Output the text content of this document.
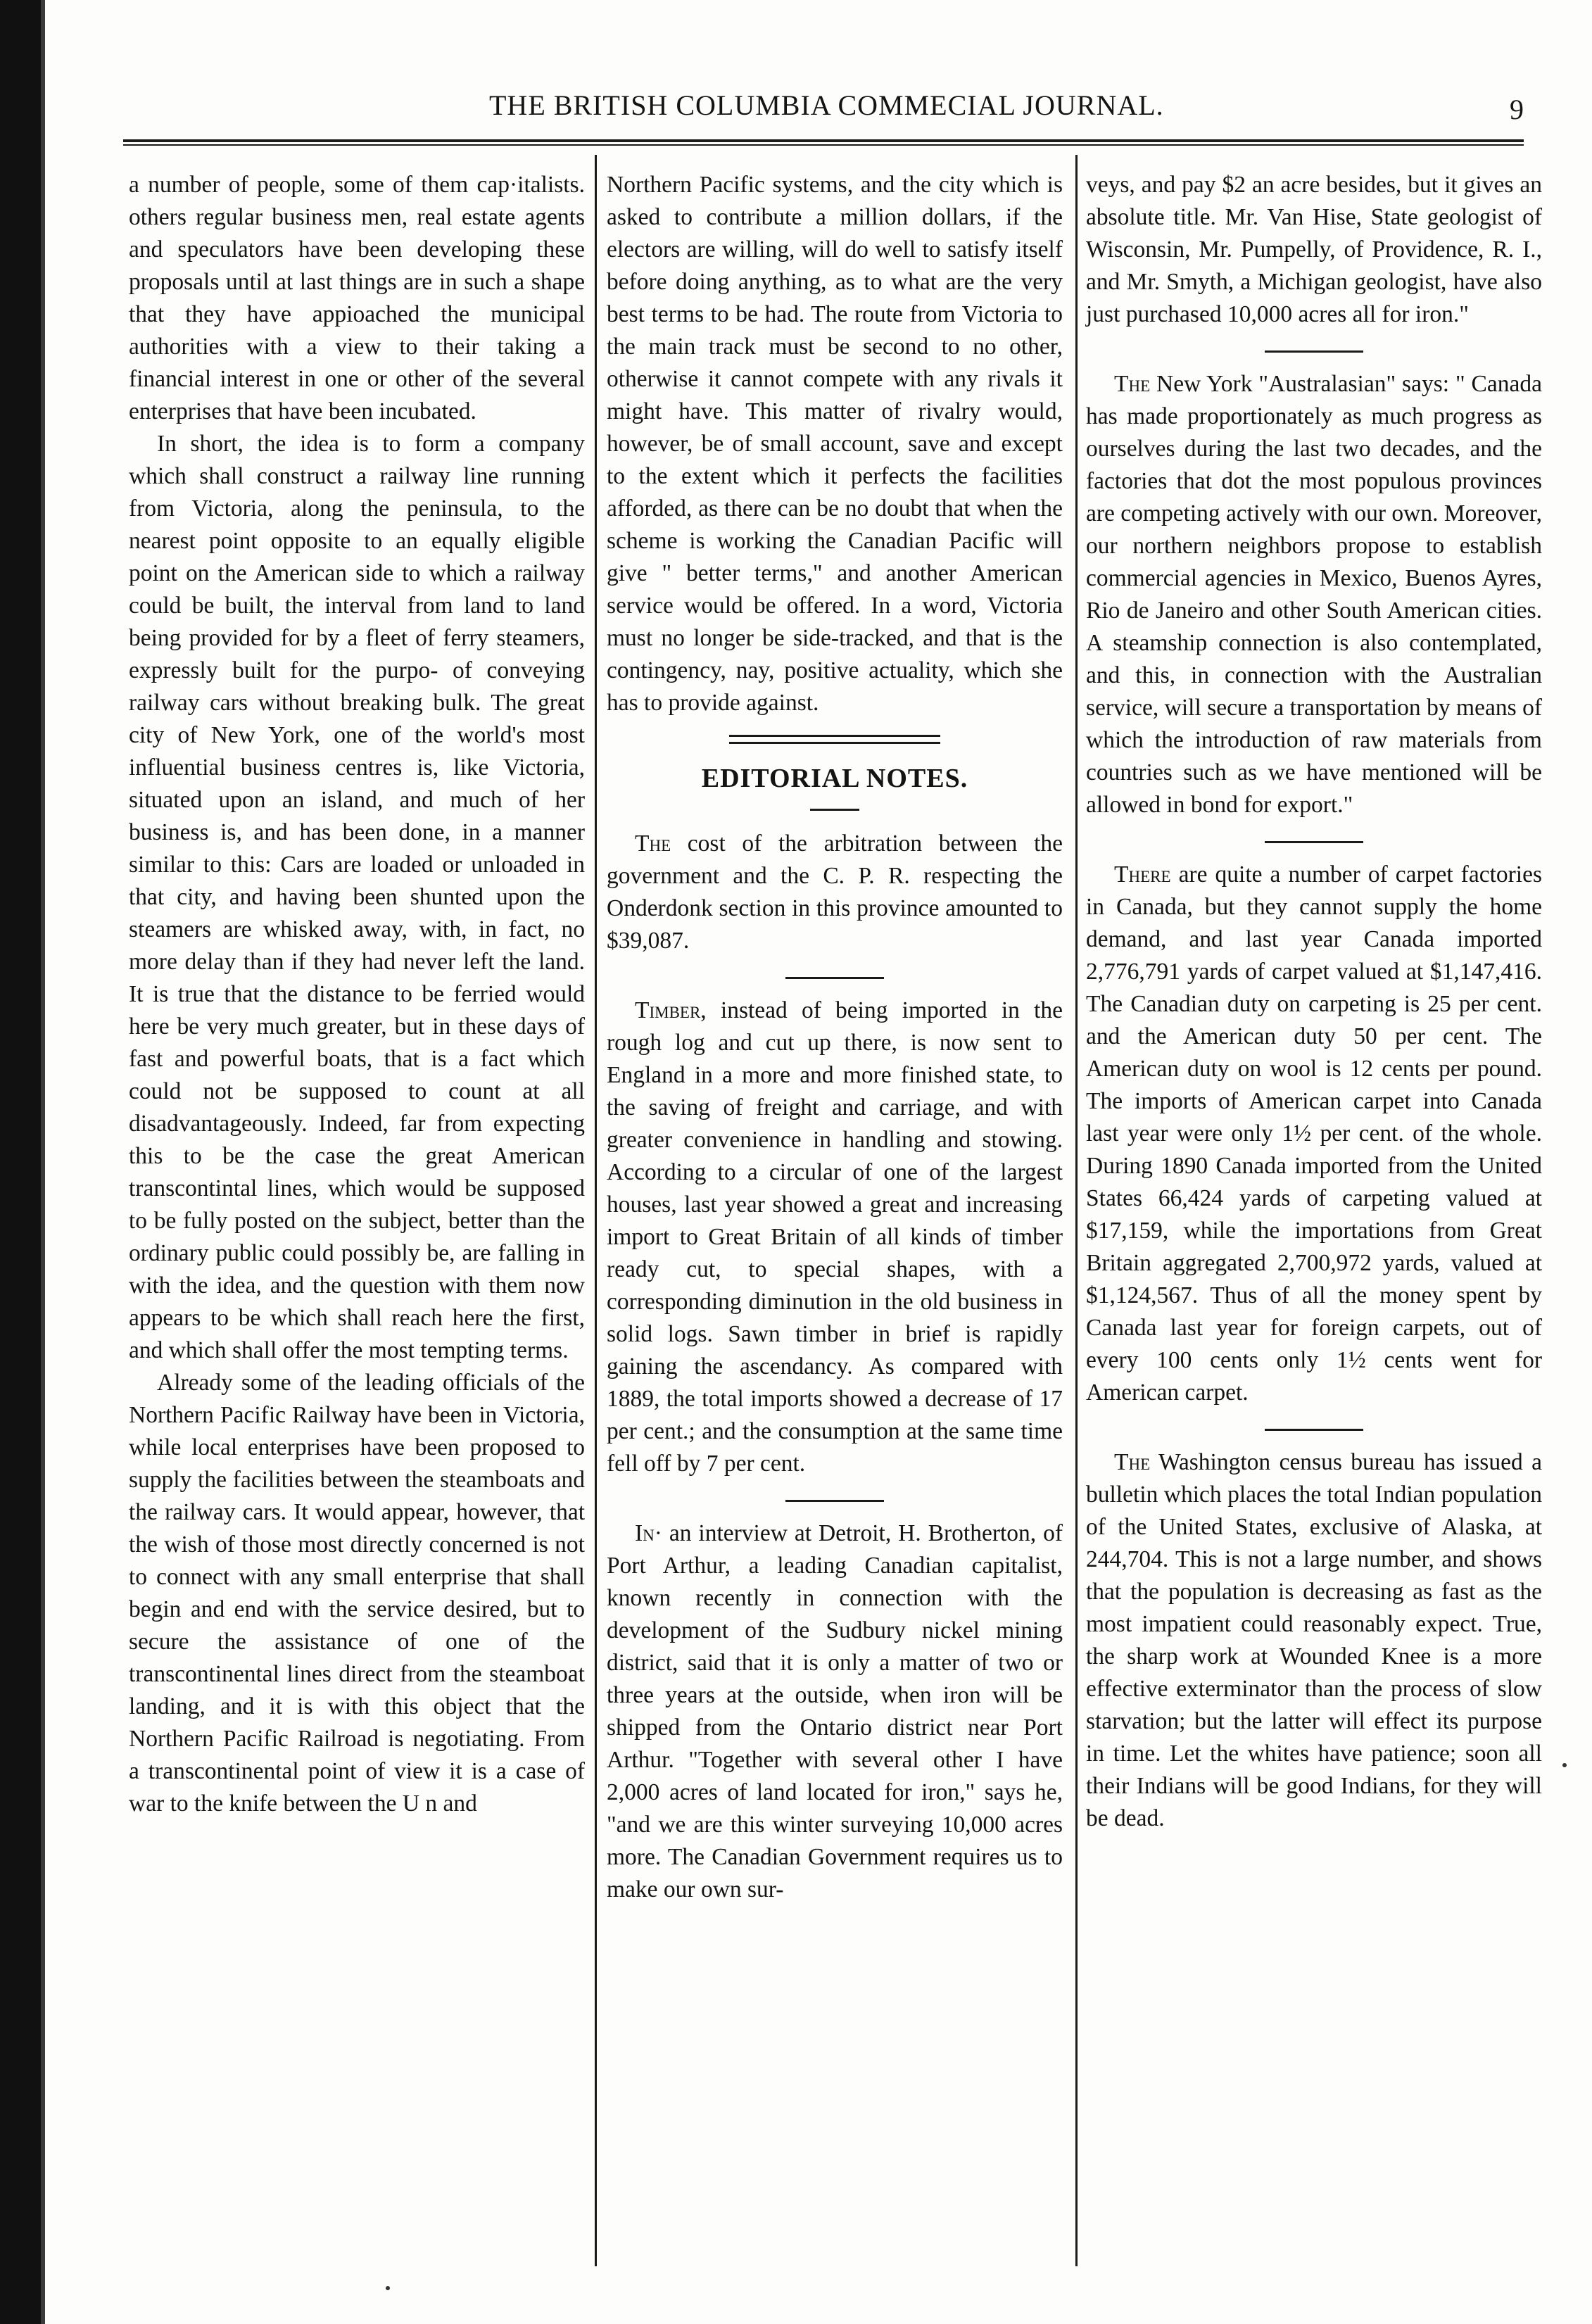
THE BRITISH COLUMBIA COMMECIAL JOURNAL.	9

a number of people, some of them cap·italists. others regular business men, real estate agents and speculators have been developing these proposals until at last things are in such a shape that they have appioached the municipal authorities with a view to their taking a financial interest in one or other of the several enterprises that have been incubated.

In short, the idea is to form a company which shall construct a railway line running from Victoria, along the peninsula, to the nearest point opposite to an equally eligible point on the American side to which a railway could be built, the interval from land to land being provided for by a fleet of ferry steamers, expressly built for the purpo- of conveying railway cars without breaking bulk. The great city of New York, one of the world's most influential business centres is, like Victoria, situated upon an island, and much of her business is, and has been done, in a manner similar to this: Cars are loaded or unloaded in that city, and having been shunted upon the steamers are whisked away, with, in fact, no more delay than if they had never left the land. It is true that the distance to be ferried would here be very much greater, but in these days of fast and powerful boats, that is a fact which could not be supposed to count at all disadvantageously. Indeed, far from expecting this to be the case the great American transcontintal lines, which would be supposed to be fully posted on the subject, better than the ordinary public could possibly be, are falling in with the idea, and the question with them now appears to be which shall reach here the first, and which shall offer the most tempting terms.

Already some of the leading officials of the Northern Pacific Railway have been in Victoria, while local enterprises have been proposed to supply the facilities between the steamboats and the railway cars. It would appear, however, that the wish of those most directly concerned is not to connect with any small enterprise that shall begin and end with the service desired, but to secure the assistance of one of the transcontinental lines direct from the steamboat landing, and it is with this object that the Northern Pacific Railroad is negotiating. From a transcontinental point of view it is a case of war to the knife between the U n and

Northern Pacific systems, and the city which is asked to contribute a million dollars, if the electors are willing, will do well to satisfy itself before doing anything, as to what are the very best terms to be had. The route from Victoria to the main track must be second to no other, otherwise it cannot compete with any rivals it might have. This matter of rivalry would, however, be of small account, save and except to the extent which it perfects the facilities afforded, as there can be no doubt that when the scheme is working the Canadian Pacific will give " better terms," and another American service would be offered. In a word, Victoria must no longer be side-tracked, and that is the contingency, nay, positive actuality, which she has to provide against.

EDITORIAL NOTES.

The cost of the arbitration between the government and the C. P. R. respecting the Onderdonk section in this province amounted to $39,087.

Timber, instead of being imported in the rough log and cut up there, is now sent to England in a more and more finished state, to the saving of freight and carriage, and with greater convenience in handling and stowing. According to a circular of one of the largest houses, last year showed a great and increasing import to Great Britain of all kinds of timber ready cut, to special shapes, with a corresponding diminution in the old business in solid logs. Sawn timber in brief is rapidly gaining the ascendancy. As compared with 1889, the total imports showed a decrease of 17 per cent.; and the consumption at the same time fell off by 7 per cent.

In· an interview at Detroit, H. Brotherton, of Port Arthur, a leading Canadian capitalist, known recently in connection with the development of the Sudbury nickel mining district, said that it is only a matter of two or three years at the outside, when iron will be shipped from the Ontario district near Port Arthur. "Together with several other I have 2,000 acres of land located for iron," says he, "and we are this winter surveying 10,000 acres more. The Canadian Government requires us to make our own sur-

veys, and pay $2 an acre besides, but it gives an absolute title. Mr. Van Hise, State geologist of Wisconsin, Mr. Pumpelly, of Providence, R. I., and Mr. Smyth, a Michigan geologist, have also just purchased 10,000 acres all for iron."

The New York "Australasian" says: " Canada has made proportionately as much progress as ourselves during the last two decades, and the factories that dot the most populous provinces are competing actively with our own. Moreover, our northern neighbors propose to establish commercial agencies in Mexico, Buenos Ayres, Rio de Janeiro and other South American cities. A steamship connection is also contemplated, and this, in connection with the Australian service, will secure a transportation by means of which the introduction of raw materials from countries such as we have mentioned will be allowed in bond for export."

There are quite a number of carpet factories in Canada, but they cannot supply the home demand, and last year Canada imported 2,776,791 yards of carpet valued at $1,147,416. The Canadian duty on carpeting is 25 per cent. and the American duty 50 per cent. The American duty on wool is 12 cents per pound. The imports of American carpet into Canada last year were only 1½ per cent. of the whole. During 1890 Canada imported from the United States 66,424 yards of carpeting valued at $17,159, while the importations from Great Britain aggregated 2,700,972 yards, valued at $1,124,567. Thus of all the money spent by Canada last year for foreign carpets, out of every 100 cents only 1½ cents went for American carpet.

The Washington census bureau has issued a bulletin which places the total Indian population of the United States, exclusive of Alaska, at 244,704. This is not a large number, and shows that the population is decreasing as fast as the most impatient could reasonably expect. True, the sharp work at Wounded Knee is a more effective exterminator than the process of slow starvation; but the latter will effect its purpose in time. Let the whites have patience; soon all their Indians will be good Indians, for they will be dead.
